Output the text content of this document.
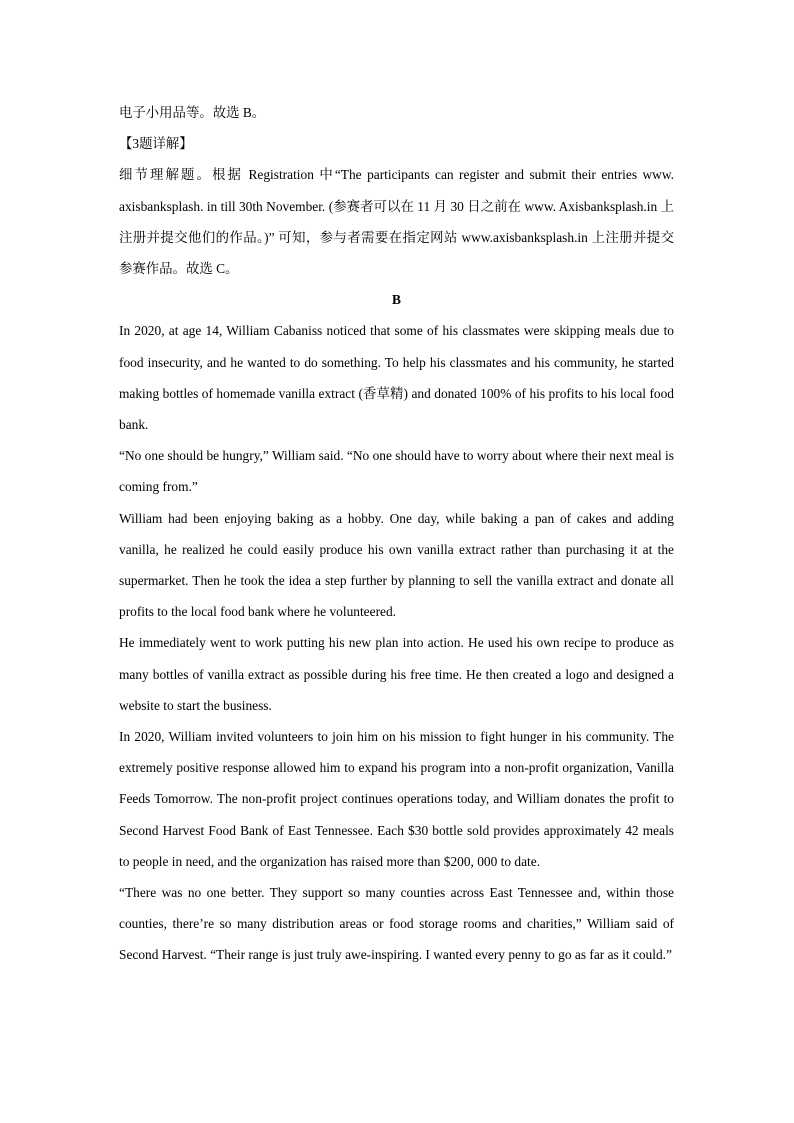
电子小用品等。故选 B。

【3题详解】

细节理解题。根据 Registration 中“The participants can register and submit their entries www. axisbanksplash. in till 30th November. (参赛者可以在 11 月 30 日之前在 www. Axisbanksplash.in 上注册并提交他们的作品。)” 可知，参与者需要在指定网站 www.axisbanksplash.in 上注册并提交参赛作品。故选 C。

B

In 2020, at age 14, William Cabaniss noticed that some of his classmates were skipping meals due to food insecurity, and he wanted to do something. To help his classmates and his community, he started making bottles of homemade vanilla extract (香草精) and donated 100% of his profits to his local food bank.

“No one should be hungry,” William said. “No one should have to worry about where their next meal is coming from.”

William had been enjoying baking as a hobby. One day, while baking a pan of cakes and adding vanilla, he realized he could easily produce his own vanilla extract rather than purchasing it at the supermarket. Then he took the idea a step further by planning to sell the vanilla extract and donate all profits to the local food bank where he volunteered.

He immediately went to work putting his new plan into action. He used his own recipe to produce as many bottles of vanilla extract as possible during his free time. He then created a logo and designed a website to start the business.

In 2020, William invited volunteers to join him on his mission to fight hunger in his community. The extremely positive response allowed him to expand his program into a non-profit organization, Vanilla Feeds Tomorrow. The non-profit project continues operations today, and William donates the profit to Second Harvest Food Bank of East Tennessee. Each $30 bottle sold provides approximately 42 meals to people in need, and the organization has raised more than $200, 000 to date.

“There was no one better. They support so many counties across East Tennessee and, within those counties, there’re so many distribution areas or food storage rooms and charities,” William said of Second Harvest. “Their range is just truly awe-inspiring. I wanted every penny to go as far as it could.”
